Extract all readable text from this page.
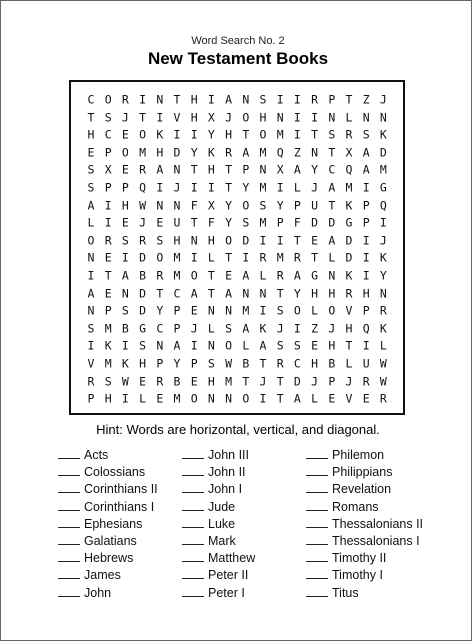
Word Search No. 2
New Testament Books
C O R I N T H I A N S I I R P T Z J
T S J T I V H X J O H N I I N L N N
H C E O K I I Y H T O M I T S R S K
E P O M H D Y K R A M Q Z N T X A D
S X E R A N T H T P N X A Y C Q A M
S P P Q I J I I T Y M I L J A M I G
A I H W N N F X Y O S Y P U T K P Q
L I E J E U T F Y S M P F D D G P I
O R S R S H N H O D I I T E A D I J
N E I D O M I L T I R M R T L D I K
I T A B R M O T E A L R A G N K I Y
A E N D T C A T A N N T Y H H R H N
N P S D Y P E N N M I S O L O V P R
S M B G C P J L S A K J I Z J H Q K
I K I S N A I N O L A S S E H T I L
V M K H P Y P S W B T R C H B L U W
R S W E R B E H M T J T D J P J R W
P H I L E M O N N O I T A L E V E R
Hint: Words are horizontal, vertical, and diagonal.
Acts
Colossians
Corinthians II
Corinthians I
Ephesians
Galatians
Hebrews
James
John
John III
John II
John I
Jude
Luke
Mark
Matthew
Peter II
Peter I
Philemon
Philippians
Revelation
Romans
Thessalonians II
Thessalonians I
Timothy II
Timothy I
Titus
